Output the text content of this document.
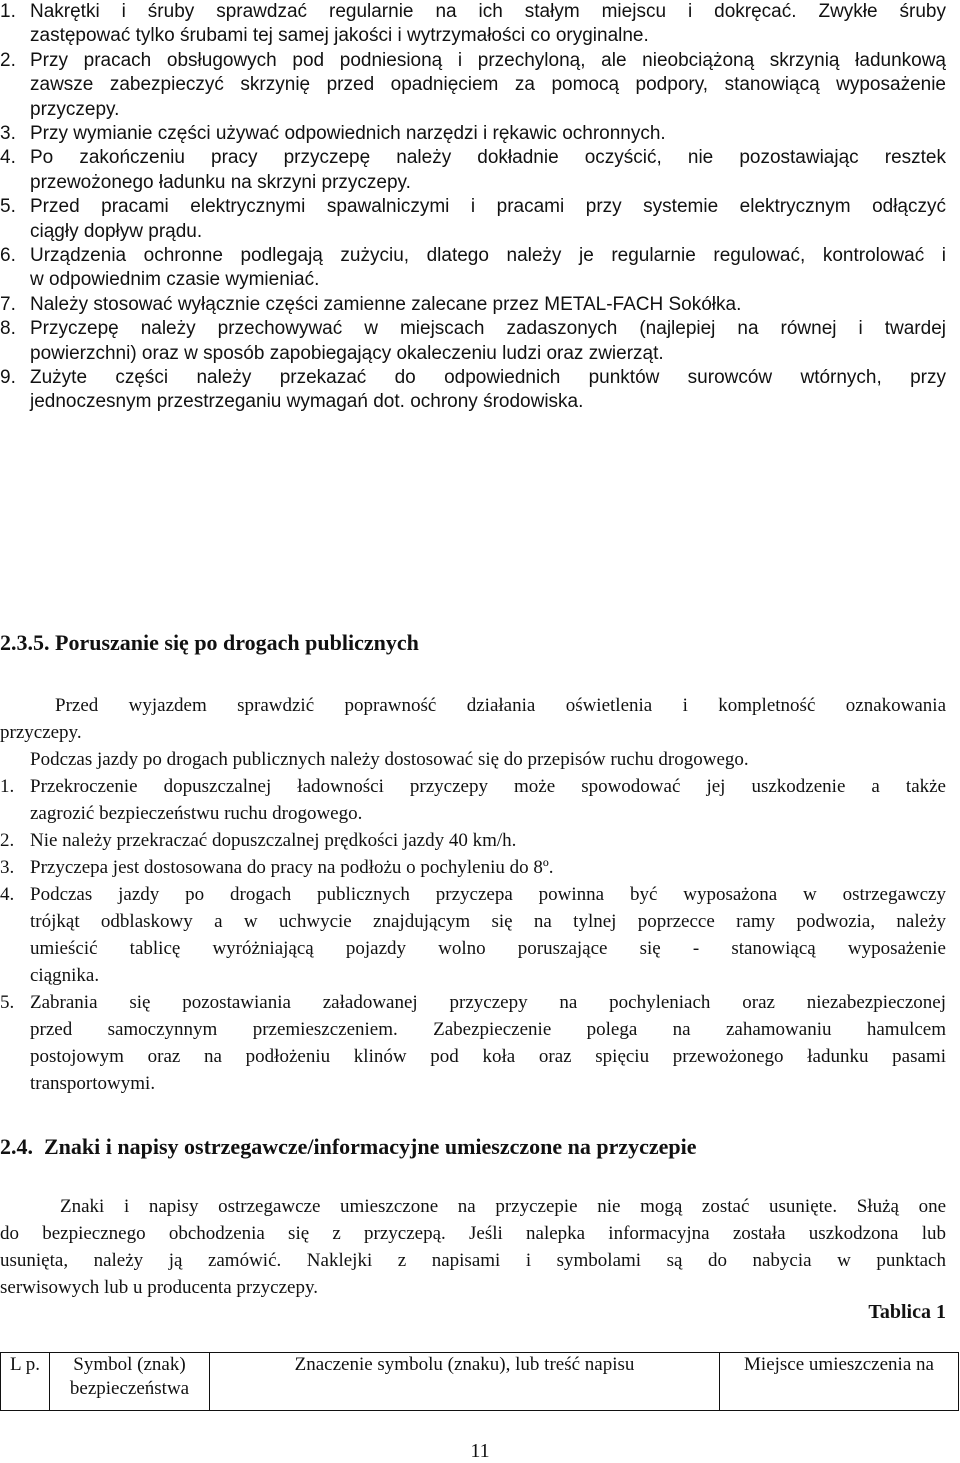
1. Nakrętki i śruby sprawdzać regularnie na ich stałym miejscu i dokręcać. Zwykłe śruby
zastępować tylko śrubami tej samej jakości i wytrzymałości co oryginalne.
2. Przy pracach obsługowych pod podniesioną i przechyloną, ale nieobciążoną skrzynią ładunkową
zawsze zabezpieczyć skrzynię przed opadnięciem za pomocą podpory, stanowiącą wyposażenie
przyczepy.
3. Przy wymianie części używać odpowiednich narzędzi i rękawic ochronnych.
4. Po zakończeniu pracy przyczepę należy dokładnie oczyścić, nie pozostawiając resztek
przewożonego ładunku na skrzyni przyczepy.
5. Przed pracami elektrycznymi spawalniczymi i pracami przy systemie elektrycznym odłączyć
ciągły dopływ prądu.
6. Urządzenia ochronne podlegają zużyciu, dlatego należy je regularnie regulować, kontrolować i
w odpowiednim czasie wymieniać.
7. Należy stosować wyłącznie części zamienne zalecane przez METAL-FACH Sokółka.
8. Przyczepę należy przechowywać w miejscach zadaszonych (najlepiej na równej i twardej
powierzchni) oraz w sposób zapobiegający okaleczeniu ludzi oraz zwierząt.
9. Zużyte części należy przekazać do odpowiednich punktów surowców wtórnych, przy
jednoczesnym przestrzeganiu wymagań dot. ochrony środowiska.
2.3.5. Poruszanie się po drogach publicznych
Przed wyjazdem sprawdzić poprawność działania oświetlenia i kompletność oznakowania
przyczepy.
Podczas jazdy po drogach publicznych należy dostosować się do przepisów ruchu drogowego.
1. Przekroczenie dopuszczalnej ładowności przyczepy może spowodować jej uszkodzenie a także
zagrozić bezpieczeństwu ruchu drogowego.
2. Nie należy przekraczać dopuszczalnej prędkości jazdy 40 km/h.
3. Przyczepa jest dostosowana do pracy na podłożu o pochyleniu do 8º.
4. Podczas jazdy po drogach publicznych przyczepa powinna być wyposażona w ostrzegawczy
trójkąt odblaskowy a w uchwycie znajdującym się na tylnej poprzecce ramy podwozia, należy
umieścić tablicę wyróżniającą pojazdy wolno poruszające się - stanowiącą wyposażenie
ciągnika.
5. Zabrania się pozostawiania załadowanej przyczepy na pochyleniach oraz niezabezpieczonej
przed samoczynnym przemieszczeniem. Zabezpieczenie polega na zahamowaniu hamulcem
postojowym oraz na podłożeniu klinów pod koła oraz spięciu przewożonego ładunku pasami
transportowymi.
2.4. Znaki i napisy ostrzegawcze/informacyjne umieszczone na przyczepie
Znaki i napisy ostrzegawcze umieszczone na przyczepie nie mogą zostać usunięte. Służą one
do bezpiecznego obchodzenia się z przyczepą. Jeśli nalepka informacyjna została uszkodzona lub
usunięta, należy ją zamówić. Naklejki z napisami i symbolami są do nabycia w punktach
serwisowych lub u producenta przyczepy.
Tablica 1
L p.	Symbol (znak) bezpieczeństwa	Znaczenie symbolu (znaku), lub treść napisu	Miejsce umieszczenia na
11
